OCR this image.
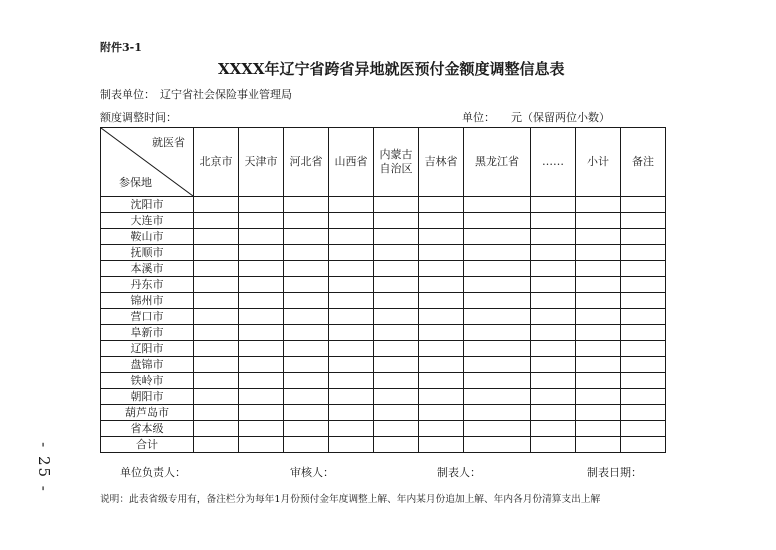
附件3-1
XXXX年辽宁省跨省异地就医预付金额度调整信息表
制表单位： 辽宁省社会保险事业管理局
额度调整时间：	单位： 元（保留两位小数）
就医省
参保地	北京市	天津市	河北省	山西省	内蒙古自治区	吉林省	黑龙江省	……	小计	备注
沈阳市										
大连市										
鞍山市										
抚顺市										
本溪市										
丹东市										
锦州市										
营口市										
阜新市										
辽阳市										
盘锦市										
铁岭市										
朝阳市										
葫芦岛市										
省本级										
合计										
单位负责人：	审核人：	制表人：	制表日期：
说明：此表省级专用有，备注栏分为每年1月份预付金年度调整上解、年内某月份追加上解、年内各月份清算支出上解
- 25 -
